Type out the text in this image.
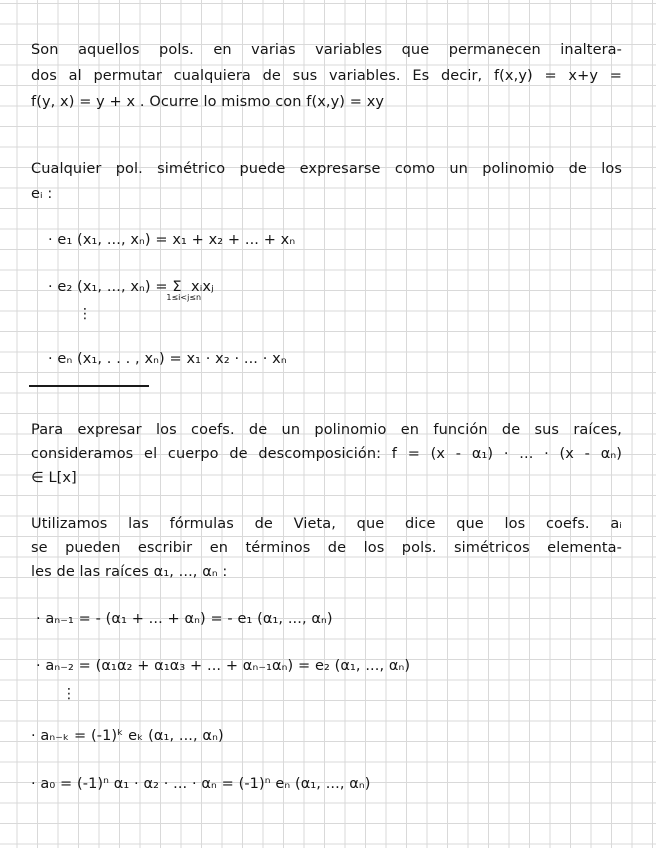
Son aquellos pols. en varias variables que permanecen inaltera-
dos al permutar cualquiera de sus variables. Es decir, f(x,y) = x+y =
f(y, x) = y + x . Ocurre lo mismo con f(x,y) = xy
Cualquier pol. simétrico puede expresarse como un polinomio de los
eᵢ :
· e₁ (x₁, ..., xₙ) = x₁ + x₂ + ... + xₙ
· e₂ (x₁, ..., xₙ) = Σ
1≤i<j≤n
xᵢxⱼ
⋮
· eₙ (x₁, . . . , xₙ) = x₁ · x₂ · ... · xₙ
Para expresar los coefs. de un polinomio en función de sus raíces,
consideramos el cuerpo de descomposición: f = (x - α₁) · ... · (x - αₙ)
∈ L[x]
Utilizamos las fórmulas de Vieta, que dice que los coefs. aᵢ
se pueden escribir en términos de los pols. simétricos elementa-
les de las raíces α₁, ..., αₙ :
· aₙ₋₁ = - (α₁ + ... + αₙ) = - e₁ (α₁, ..., αₙ)
· aₙ₋₂ = (α₁α₂ + α₁α₃ + ... + αₙ₋₁αₙ) = e₂ (α₁, ..., αₙ)
⋮
· aₙ₋ₖ = (-1)ᵏ eₖ (α₁, ..., αₙ)
· a₀ = (-1)ⁿ α₁ · α₂ · ... · αₙ = (-1)ⁿ eₙ (α₁, ..., αₙ)
